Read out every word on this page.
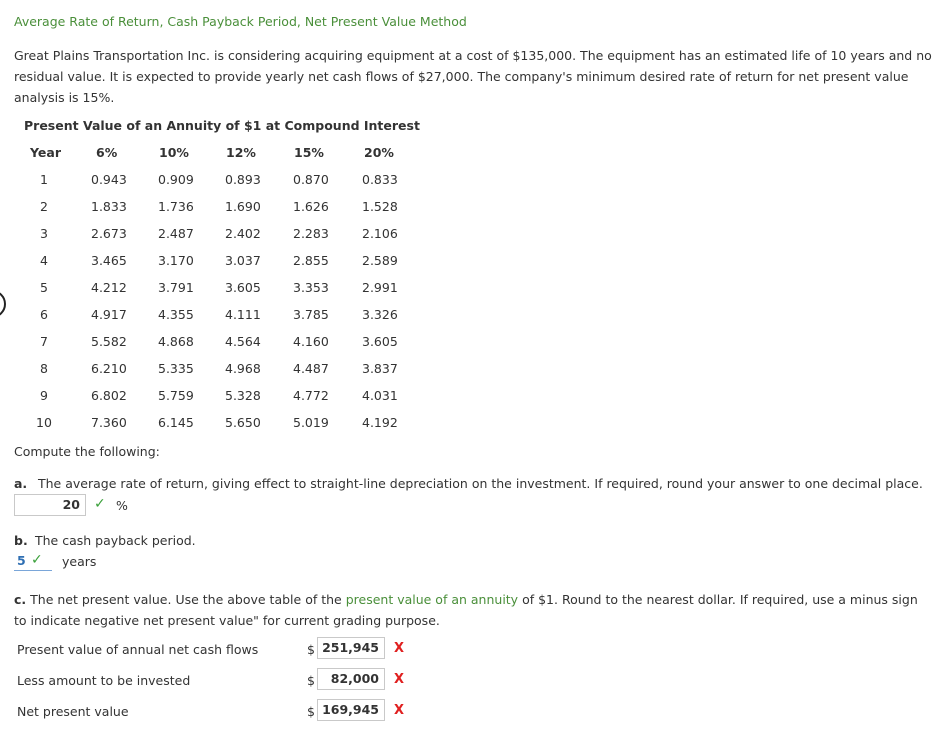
Average Rate of Return, Cash Payback Period, Net Present Value Method
Great Plains Transportation Inc. is considering acquiring equipment at a cost of $135,000. The equipment has an estimated life of 10 years and no residual value. It is expected to provide yearly net cash flows of $27,000. The company's minimum desired rate of return for net present value analysis is 15%.
Present Value of an Annuity of $1 at Compound Interest
Year	6%	10%	12%	15%	20%
1	0.943 0.909 0.893	0.870	0.833
2	1.833 1.736 1.690	1.626	1.528
3	2.673 2.487 2.402	2.283	2.106
4	3.465 3.170 3.037	2.855	2.589
5	4.212 3.791 3.605	3.353	2.991
6	4.917 4.355 4.111	3.785	3.326
7	5.582 4.868 4.564	4.160	3.605
8	6.210 5.335 4.968	4.487	3.837
9	6.802 5.759 5.328	4.772	4.031
10	7.360 6.145 5.650	5.019	4.192
Compute the following:
a. The average rate of return, giving effect to straight-line depreciation on the investment. If required, round your answer to one decimal place.
20	✓ %
b. The cash payback period.
5 ✓ years
c. The net present value. Use the above table of the present value of an annuity of $1. Round to the nearest dollar. If required, use a minus sign to indicate negative net present value" for current grading purpose.
Present value of annual net cash flows	$ 251,945	X
Less amount to be invested	$	82,000	X
Net present value	$ 169,945	X
